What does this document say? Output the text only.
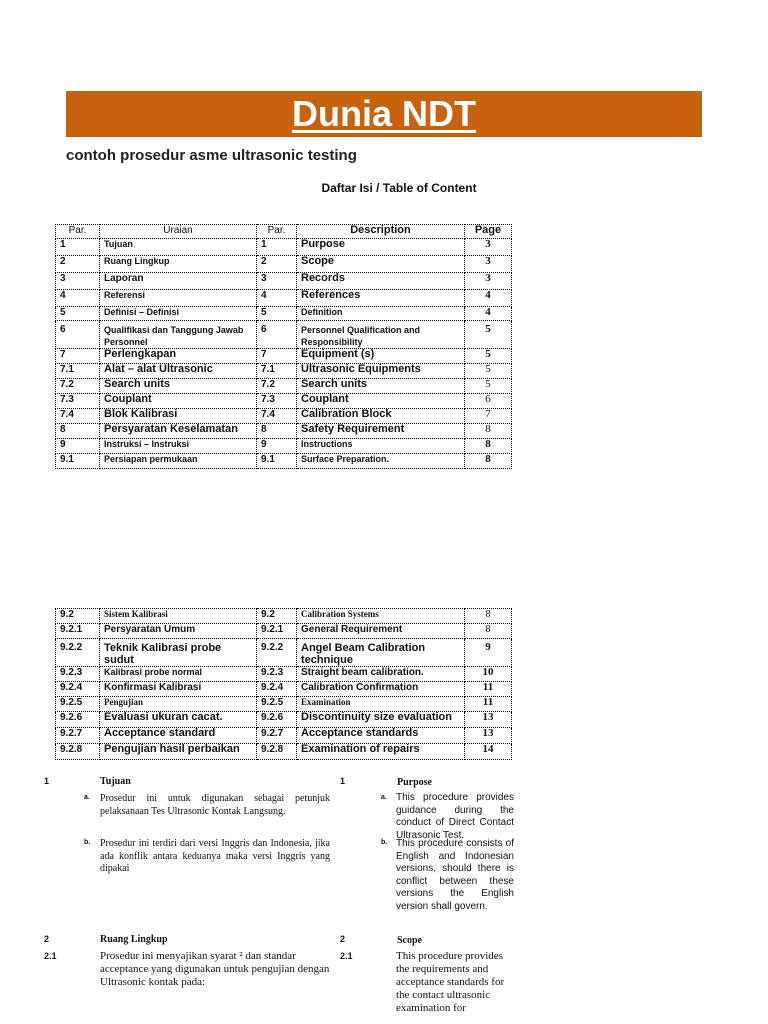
Dunia NDT
contoh prosedur asme ultrasonic testing
Daftar Isi / Table of Content
Par.	Uraian	Par.	Description	Page
1	Tujuan	1	Purpose	3
2	Ruang Lingkup	2	Scope	3
3	Laporan	3	Records	3
4	Referensi	4	References	4
5	Definisi – Definisi	5	Definition	4
6	Qualifikasi dan Tanggung Jawab Personnel	6	Personnel Qualification and Responsibility	5
7	Perlengkapan	7	Equipment (s)	5
7.1	Alat – alat Ultrasonic	7.1	Ultrasonic Equipments	5
7.2	Search units	7.2	Search units	5
7.3	Couplant	7.3	Couplant	6
7.4	Blok Kalibrasi	7.4	Calibration Block	7
8	Persyaratan Keselamatan	8	Safety Requirement	8
9	Instruksi – Instruksi	9	Instructions	8
9.1	Persiapan permukaan	9.1	Surface Preparation.	8
9.2	Sistem Kalibrasi	9.2	Calibration Systems	8
9.2.1	Persyaratan Umum	9.2.1	General Requirement	8
9.2.2	Teknik Kalibrasi probe sudut	9.2.2	Angel Beam Calibration technique	9
9.2.3	Kalibrasi probe normal	9.2.3	Straight beam calibration.	10
9.2.4	Konfirmasi Kalibrasi	9.2.4	Calibration Confirmation	11
9.2.5	Pengujian	9.2.5	Examination	11
9.2.6	Evaluasi ukuran cacat.	9.2.6	Discontinuity size evaluation	13
9.2.7	Acceptance standard	9.2.7	Acceptance standards	13
9.2.8	Pengujian hasil perbaikan	9.2.8	Examination of repairs	14
1	Tujuan
a. Prosedur ini untuk digunakan sebagai petunjuk pelaksanaan Tes Ultrasonic Kontak Langsung.
b. Prosedur ini terdiri dari versi Inggris dan Indonesia, jika ada konflik antara keduanya maka versi Inggris yang dipakai
1	Purpose
a. This procedure provides guidance during the conduct of Direct Contact Ultrasonic Test.
b. This procedure consists of English and Indonesian versions, should there is conflict between these versions the English version shall govern.
2	Ruang Lingkup
2.1	Prosedur ini menyajikan syarat ² dan standar acceptance yang digunakan untuk pengujian dengan Ultrasonic kontak pada:
2	Scope
2.1	This procedure provides the requirements and acceptance standards for the contact ultrasonic examination for
